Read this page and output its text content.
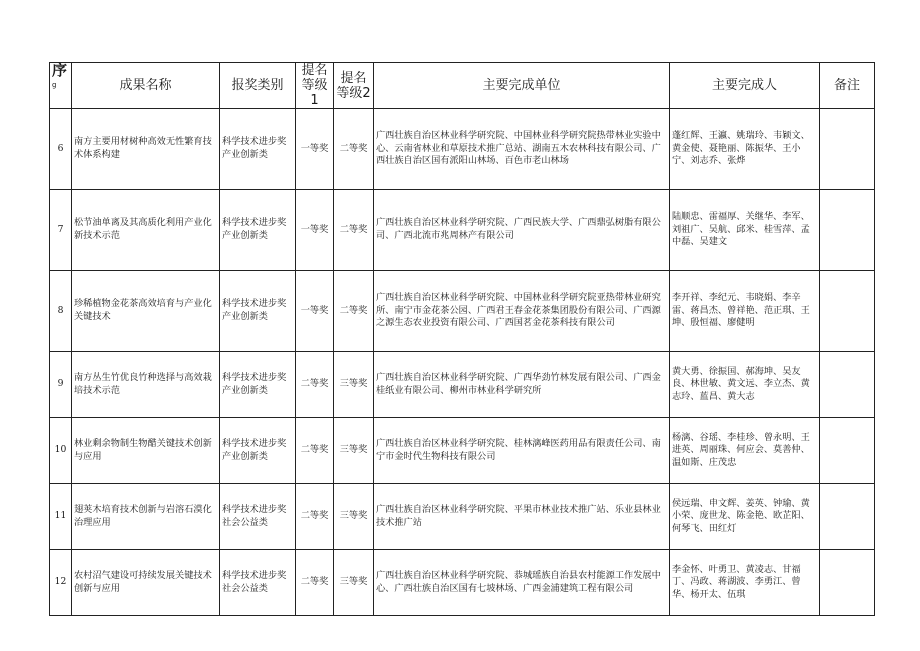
序g	成果名称	报奖类别	提名等级1	提名等级2	主要完成单位	主要完成人	备注
6	南方主要用材树种高效无性繁育技术体系构建	科学技术进步奖产业创新类	一等奖	二等奖	广西壮族自治区林业科学研究院、中国林业科学研究院热带林业实验中心、云南省林业和草原技术推广总站、湖南五木农林科技有限公司、广西壮族自治区国有派阳山林场、百色市老山林场	蓬红辉、王瀛、姚瑞玲、韦颖文、黄金使、聂艳丽、陈振华、王小宁、刘志乔、张烨	
7	松节油单离及其高质化利用产业化新技术示范	科学技术进步奖产业创新类	一等奖	二等奖	广西壮族自治区林业科学研究院、广西民族大学、广西鼎弘树脂有限公司、广西北流市兆周林产有限公司	陆顺忠、雷福厚、关继华、李军、刘祖广、吴航、邱米、桂雪萍、孟中磊、吴建文	
8	珍稀植物金花茶高效培育与产业化关键技术	科学技术进步奖产业创新类	一等奖	二等奖	广西壮族自治区林业科学研究院、中国林业科学研究院亚热带林业研究所、南宁市金花茶公园、广西君王春金花茶集团股份有限公司、广西源之源生态农业投资有限公司、广西国茗金花茶科技有限公司	李开祥、李纪元、韦晓娟、李辛雷、蒋昌杰、曾祥艳、范正琪、王坤、殷恒福、廖健明	
9	南方丛生竹优良竹种选择与高效栽培技术示范	科学技术进步奖产业创新类	二等奖	三等奖	广西壮族自治区林业科学研究院、广西华劲竹林发展有限公司、广西金桂纸业有限公司、柳州市林业科学研究所	黄大勇、徐振国、郝海坤、吴友良、林世敏、黄文远、李立杰、黄志玲、蓝昌、黄大志	
10	林业剩余物制生物醋关键技术创新与应用	科学技术进步奖产业创新类	二等奖	三等奖	广西壮族自治区林业科学研究院、桂林漓峰医药用品有限责任公司、南宁市金时代生物科技有限公司	杨漓、谷瑶、李桂珍、曾永明、王进英、周丽珠、何应会、莫善仲、温如斯、庄茂忠	
11	翅荚木培育技术创新与岩溶石漠化治理应用	科学技术进步奖社会公益类	二等奖	三等奖	广西壮族自治区林业科学研究院、平果市林业技术推广站、乐业县林业技术推广站	侯远瑞、申文辉、姜英、钟瑜、黄小荣、庞世龙、陈金艳、欧芷阳、何琴飞、田红灯	
12	农村沼气建设可持续发展关键技术创新与应用	科学技术进步奖社会公益类	二等奖	三等奖	广西壮族自治区林业科学研究院、恭城瑶族自治县农村能源工作发展中心、广西壮族自治区国有七坡林场、广西金浦建筑工程有限公司	李金怀、叶勇卫、黄凌志、甘福丁、冯政、蒋湖波、李勇江、曾华、杨开太、伍琪	
